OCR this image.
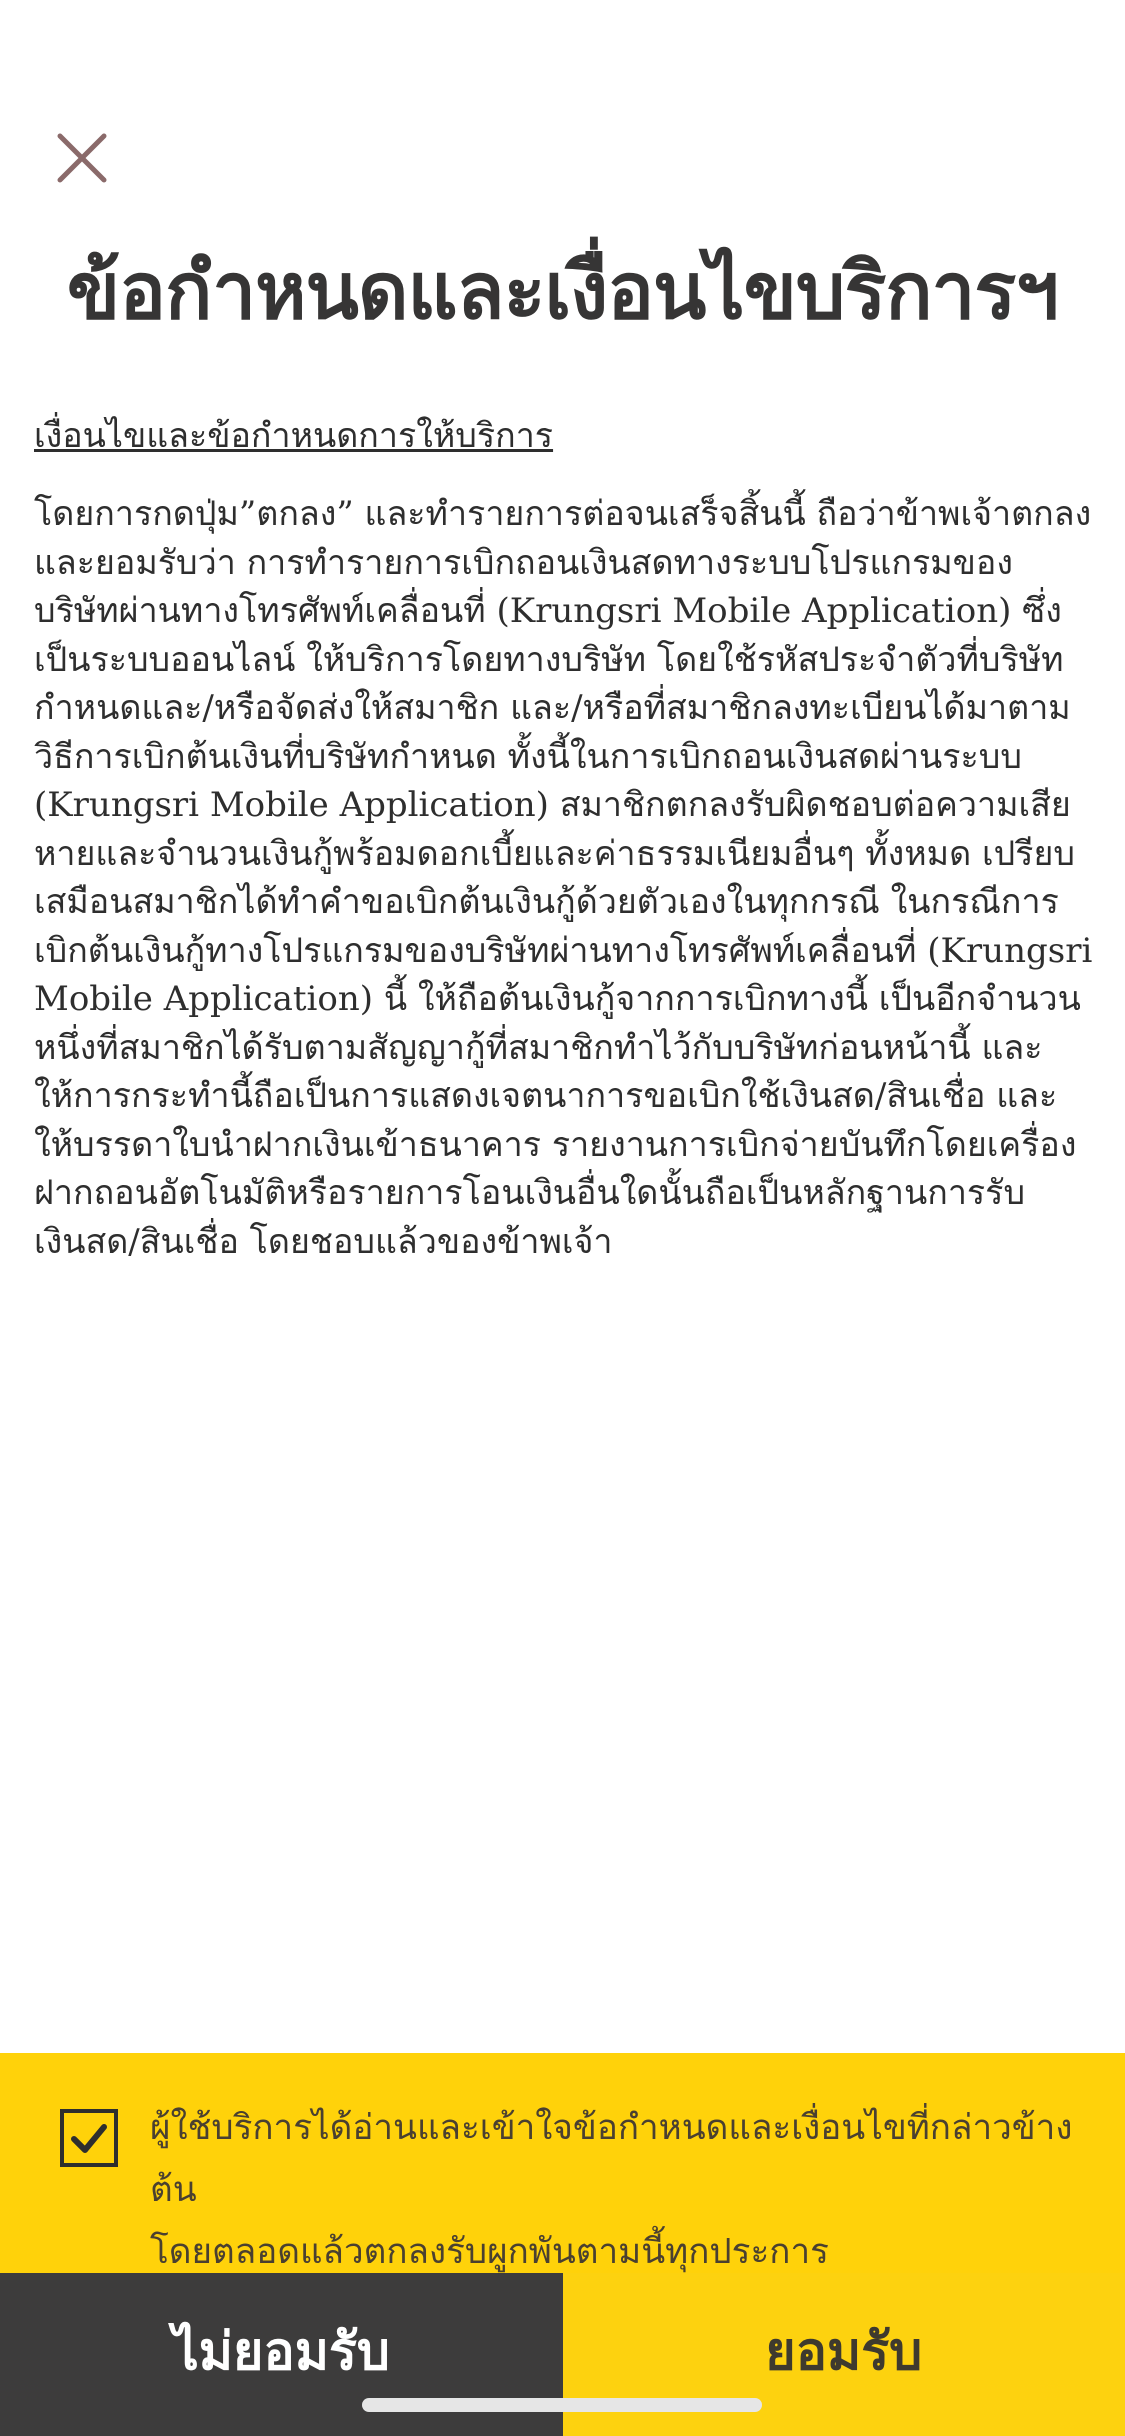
ข้อกำหนดและเงื่อนไขบริการฯ

เงื่อนไขและข้อกำหนดการให้บริการ

โดยการกดปุ่ม”ตกลง” และทำรายการต่อจนเสร็จสิ้นนี้ ถือว่าข้าพเจ้าตกลงและยอมรับว่า การทำรายการเบิกถอนเงินสดทางระบบโปรแกรมของบริษัทผ่านทางโทรศัพท์เคลื่อนที่ (Krungsri Mobile Application) ซึ่งเป็นระบบออนไลน์ ให้บริการโดยทางบริษัท โดยใช้รหัสประจำตัวที่บริษัทกำหนดและ/หรือจัดส่งให้สมาชิก และ/หรือที่สมาชิกลงทะเบียนได้มาตามวิธีการเบิกต้นเงินที่บริษัทกำหนด ทั้งนี้ในการเบิกถอนเงินสดผ่านระบบ (Krungsri Mobile Application) สมาชิกตกลงรับผิดชอบต่อความเสียหายและจำนวนเงินกู้พร้อมดอกเบี้ยและค่าธรรมเนียมอื่นๆ ทั้งหมด เปรียบเสมือนสมาชิกได้ทำคำขอเบิกต้นเงินกู้ด้วยตัวเองในทุกกรณี ในกรณีการเบิกต้นเงินกู้ทางโปรแกรมของบริษัทผ่านทางโทรศัพท์เคลื่อนที่ (Krungsri Mobile Application) นี้ ให้ถือต้นเงินกู้จากการเบิกทางนี้ เป็นอีกจำนวนหนึ่งที่สมาชิกได้รับตามสัญญากู้ที่สมาชิกทำไว้กับบริษัทก่อนหน้านี้ และให้การกระทำนี้ถือเป็นการแสดงเจตนาการขอเบิกใช้เงินสด/สินเชื่อ และให้บรรดาใบนำฝากเงินเข้าธนาคาร รายงานการเบิกจ่ายบันทึกโดยเครื่องฝากถอนอัตโนมัติหรือรายการโอนเงินอื่นใดนั้นถือเป็นหลักฐานการรับเงินสด/สินเชื่อ โดยชอบแล้วของข้าพเจ้า

ผู้ใช้บริการได้อ่านและเข้าใจข้อกำหนดและเงื่อนไขที่กล่าวข้างต้น
โดยตลอดแล้วตกลงรับผูกพันตามนี้ทุกประการ

ไม่ยอมรับ	ยอมรับ
